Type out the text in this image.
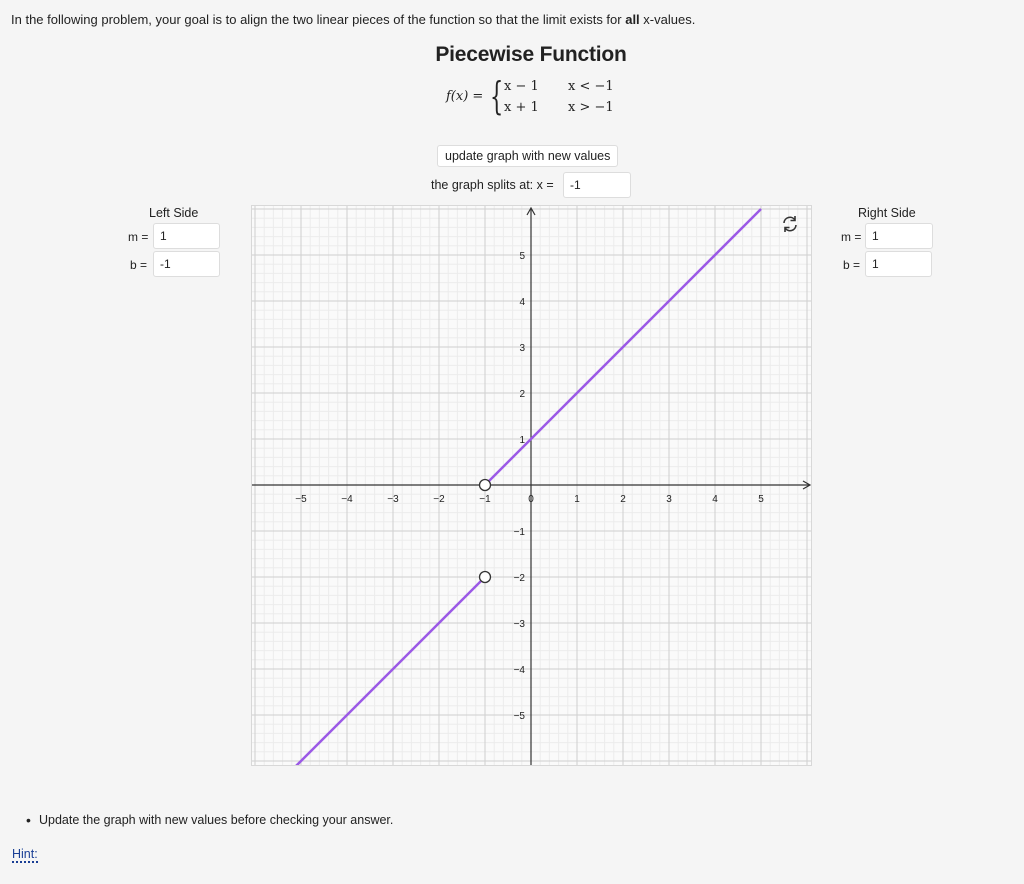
In the following problem, your goal is to align the two linear pieces of the function so that the limit exists for all x-values.
Piecewise Function
f(x) = { x − 1 x < −1
x + 1 x > −1
update graph with new values
the graph splits at: x =	-1
Left Side
m = 1
b =	-1
Right Side
m = 1
b = 1
−5	−4	−3	−2	−1	0	1	2	3	4	5
−5
−4
−3
−2
−1
1
2
3
4
5
• Update the graph with new values before checking your answer.
Hint:
